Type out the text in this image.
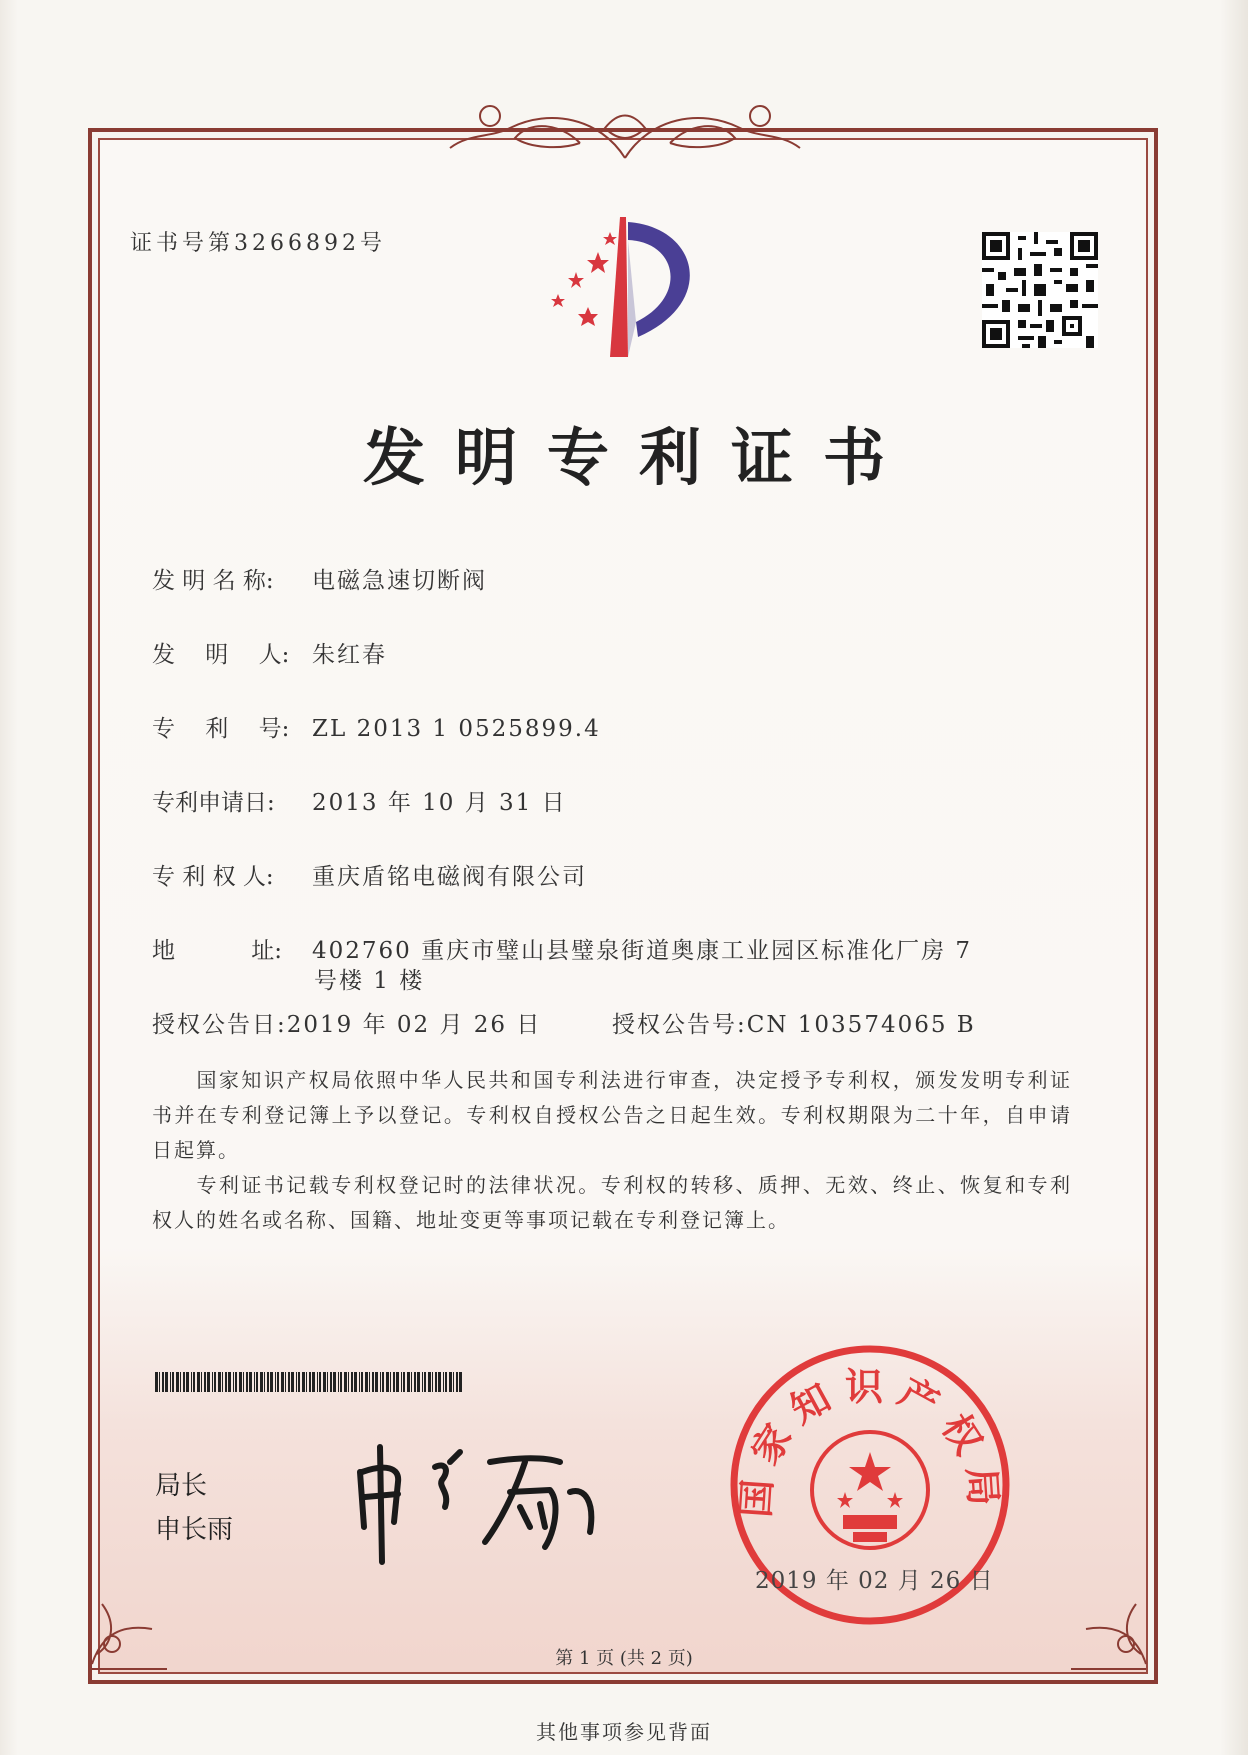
证书号第3266892号
发明专利证书
发 明 名 称: 电磁急速切断阀
发　 明　 人: 朱红春
专　 利　 号: ZL 2013 1 0525899.4
专利申请日: 2013 年 10 月 31 日
专 利 权 人: 重庆盾铭电磁阀有限公司
地　　　 址: 402760 重庆市璧山县璧泉街道奥康工业园区标准化厂房 7
号楼 1 楼
授权公告日:2019 年 02 月 26 日	授权公告号:CN 103574065 B
国家知识产权局依照中华人民共和国专利法进行审查，决定授予专利权，颁发发明专利证书并在专利登记簿上予以登记。专利权自授权公告之日起生效。专利权期限为二十年，自申请日起算。
专利证书记载专利权登记时的法律状况。专利权的转移、质押、无效、终止、恢复和专利权人的姓名或名称、国籍、地址变更等事项记载在专利登记簿上。
局长
申长雨
国家知识产权局
2019 年 02 月 26 日
第 1 页 (共 2 页)
其他事项参见背面
